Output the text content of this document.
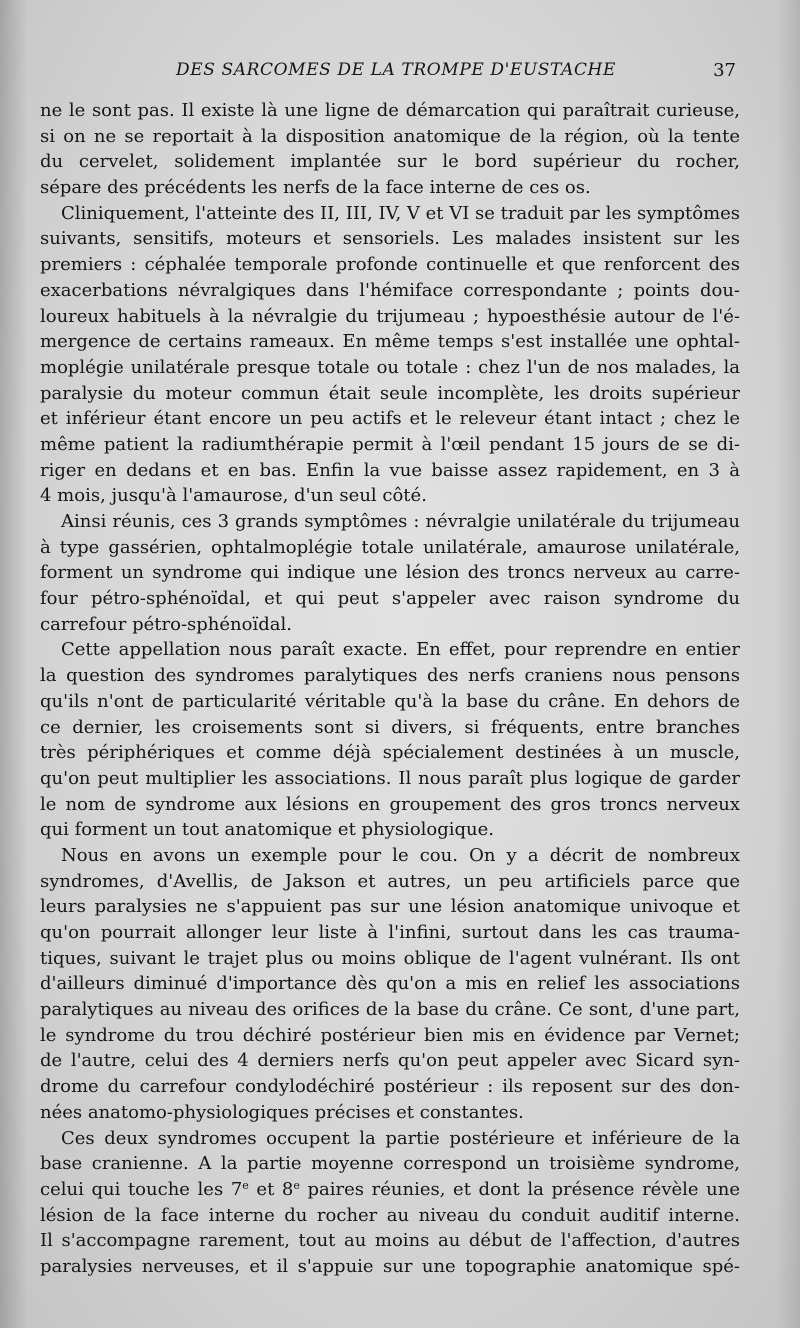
DES SARCOMES DE LA TROMPE D'EUSTACHE	37
ne le sont pas. Il existe là une ligne de démarcation qui paraîtrait curieuse,
si on ne se reportait à la disposition anatomique de la région, où la tente
du cervelet, solidement implantée sur le bord supérieur du rocher,
sépare des précédents les nerfs de la face interne de ces os.
Cliniquement, l'atteinte des II, III, IV, V et VI se traduit par les symptômes
suivants, sensitifs, moteurs et sensoriels. Les malades insistent sur les
premiers : céphalée temporale profonde continuelle et que renforcent des
exacerbations névralgiques dans l'hémiface correspondante ; points dou-
loureux habituels à la névralgie du trijumeau ; hypoesthésie autour de l'é-
mergence de certains rameaux. En même temps s'est installée une ophtal-
moplégie unilatérale presque totale ou totale : chez l'un de nos malades, la
paralysie du moteur commun était seule incomplète, les droits supérieur
et inférieur étant encore un peu actifs et le releveur étant intact ; chez le
même patient la radiumthérapie permit à l'œil pendant 15 jours de se di-
riger en dedans et en bas. Enfin la vue baisse assez rapidement, en 3 à
4 mois, jusqu'à l'amaurose, d'un seul côté.
Ainsi réunis, ces 3 grands symptômes : névralgie unilatérale du trijumeau
à type gassérien, ophtalmoplégie totale unilatérale, amaurose unilatérale,
forment un syndrome qui indique une lésion des troncs nerveux au carre-
four pétro-sphénoïdal, et qui peut s'appeler avec raison syndrome du
carrefour pétro-sphénoïdal.
Cette appellation nous paraît exacte. En effet, pour reprendre en entier
la question des syndromes paralytiques des nerfs craniens nous pensons
qu'ils n'ont de particularité véritable qu'à la base du crâne. En dehors de
ce dernier, les croisements sont si divers, si fréquents, entre branches
très périphériques et comme déjà spécialement destinées à un muscle,
qu'on peut multiplier les associations. Il nous paraît plus logique de garder
le nom de syndrome aux lésions en groupement des gros troncs nerveux
qui forment un tout anatomique et physiologique.
Nous en avons un exemple pour le cou. On y a décrit de nombreux
syndromes, d'Avellis, de Jakson et autres, un peu artificiels parce que
leurs paralysies ne s'appuient pas sur une lésion anatomique univoque et
qu'on pourrait allonger leur liste à l'infini, surtout dans les cas trauma-
tiques, suivant le trajet plus ou moins oblique de l'agent vulnérant. Ils ont
d'ailleurs diminué d'importance dès qu'on a mis en relief les associations
paralytiques au niveau des orifices de la base du crâne. Ce sont, d'une part,
le syndrome du trou déchiré postérieur bien mis en évidence par Vernet;
de l'autre, celui des 4 derniers nerfs qu'on peut appeler avec Sicard syn-
drome du carrefour condylodéchiré postérieur : ils reposent sur des don-
nées anatomo-physiologiques précises et constantes.
Ces deux syndromes occupent la partie postérieure et inférieure de la
base cranienne. A la partie moyenne correspond un troisième syndrome,
celui qui touche les 7e et 8e paires réunies, et dont la présence révèle une
lésion de la face interne du rocher au niveau du conduit auditif interne.
Il s'accompagne rarement, tout au moins au début de l'affection, d'autres
paralysies nerveuses, et il s'appuie sur une topographie anatomique spé-
